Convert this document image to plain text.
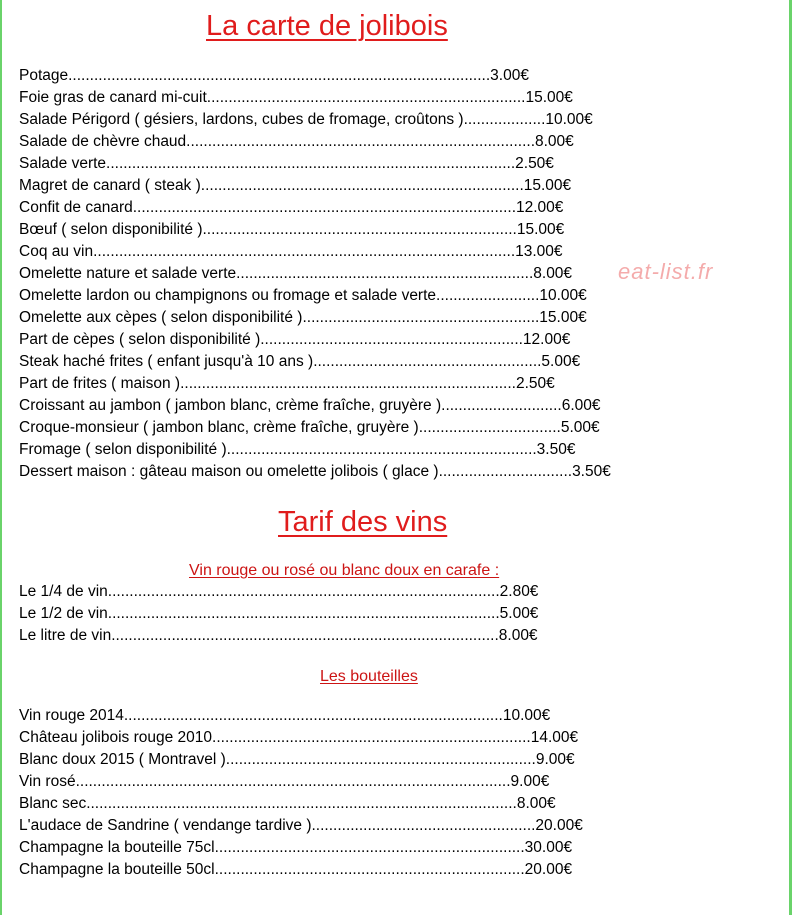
La carte de jolibois
Potage..................................................................................................3.00€
Foie gras de canard mi-cuit..........................................................................15.00€
Salade Périgord ( gésiers, lardons, cubes de fromage, croûtons )...................10.00€
Salade de chèvre chaud.................................................................................8.00€
Salade verte...............................................................................................2.50€
Magret de canard ( steak )...........................................................................15.00€
Confit de canard.........................................................................................12.00€
Bœuf ( selon disponibilité ).........................................................................15.00€
Coq au vin..................................................................................................13.00€
Omelette nature et salade verte.....................................................................8.00€
Omelette lardon ou champignons ou fromage et salade verte........................10.00€
Omelette aux cèpes ( selon disponibilité ).......................................................15.00€
Part de cèpes ( selon disponibilité ).............................................................12.00€
Steak haché frites ( enfant jusqu'à 10 ans ).....................................................5.00€
Part de frites ( maison )..............................................................................2.50€
Croissant au jambon ( jambon blanc, crème fraîche, gruyère )............................6.00€
Croque-monsieur ( jambon blanc, crème fraîche, gruyère ).................................5.00€
Fromage ( selon disponibilité )........................................................................3.50€
Dessert maison : gâteau maison ou omelette jolibois ( glace )...............................3.50€
eat-list.fr
Tarif des vins
Vin rouge ou rosé ou blanc doux en carafe :
Le 1/4 de vin...........................................................................................2.80€
Le 1/2 de vin...........................................................................................5.00€
Le litre de vin..........................................................................................8.00€
Les bouteilles
Vin rouge 2014........................................................................................10.00€
Château jolibois rouge 2010..........................................................................14.00€
Blanc doux 2015 ( Montravel )........................................................................9.00€
Vin rosé.....................................................................................................9.00€
Blanc sec....................................................................................................8.00€
L'audace de Sandrine ( vendange tardive )....................................................20.00€
Champagne la bouteille 75cl........................................................................30.00€
Champagne la bouteille 50cl........................................................................20.00€
